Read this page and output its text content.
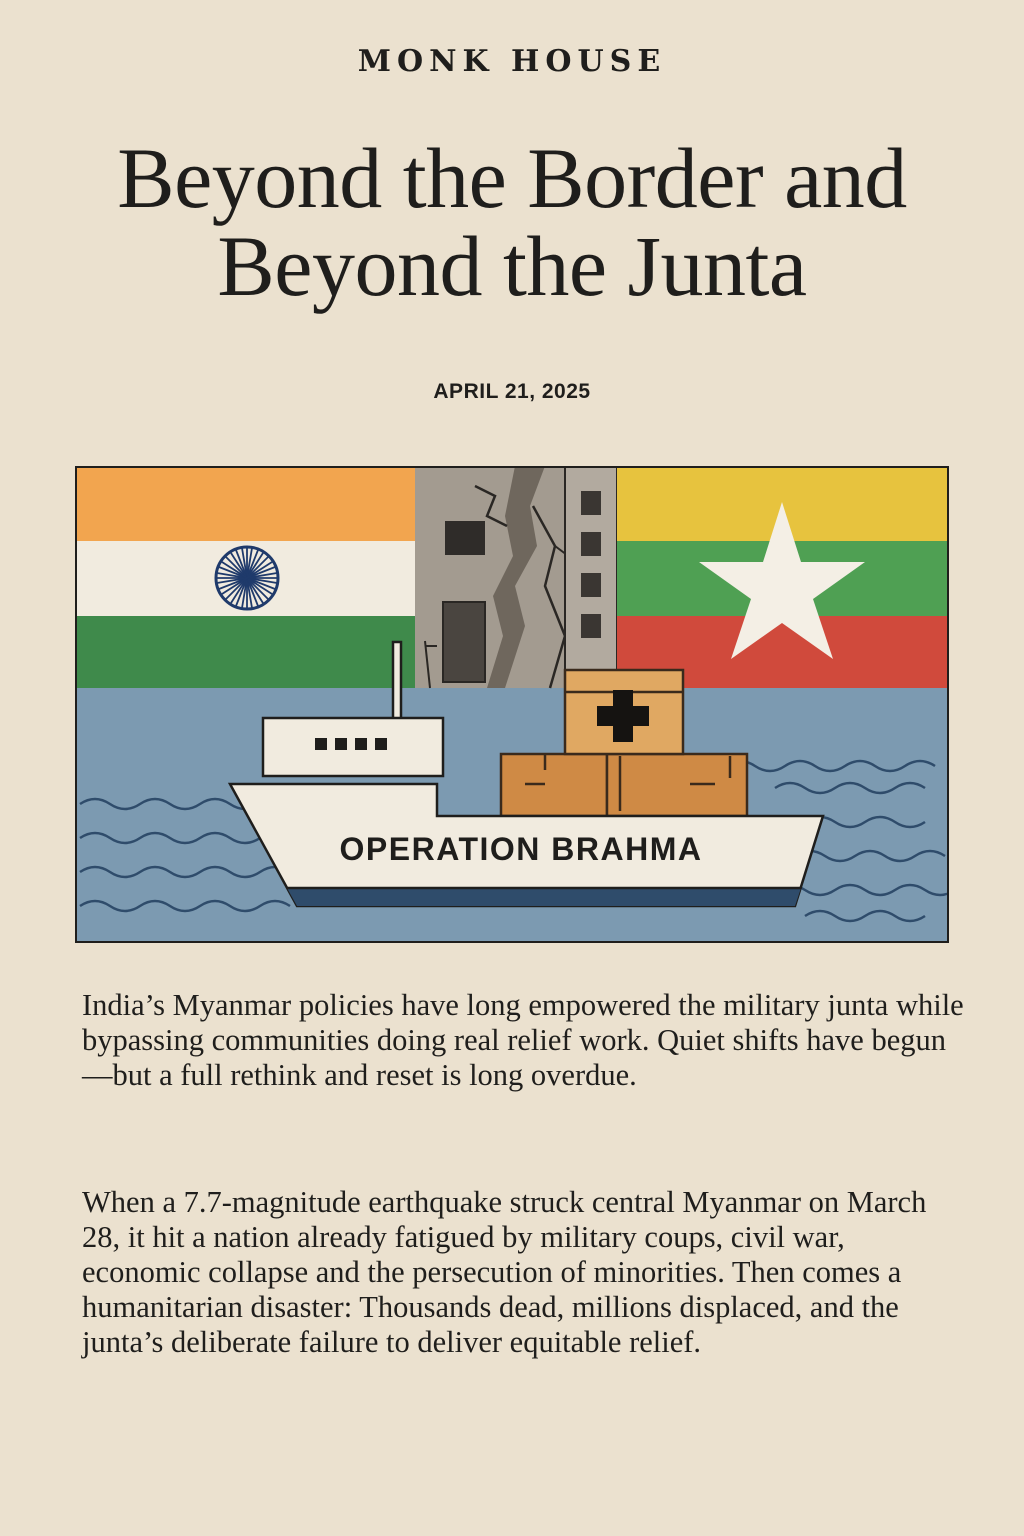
MONK HOUSE
Beyond the Border and Beyond the Junta
APRIL 21, 2025
OPERATION BRAHMA

India’s Myanmar policies have long empowered the military junta while bypassing communities doing real relief work. Quiet shifts have begun—but a full rethink and reset is long overdue.

When a 7.7-magnitude earthquake struck central Myanmar on March 28, it hit a nation already fatigued by military coups, civil war, economic collapse and the persecution of minorities. Then comes a humanitarian disaster: Thousands dead, millions displaced, and the junta’s deliberate failure to deliver equitable relief.
